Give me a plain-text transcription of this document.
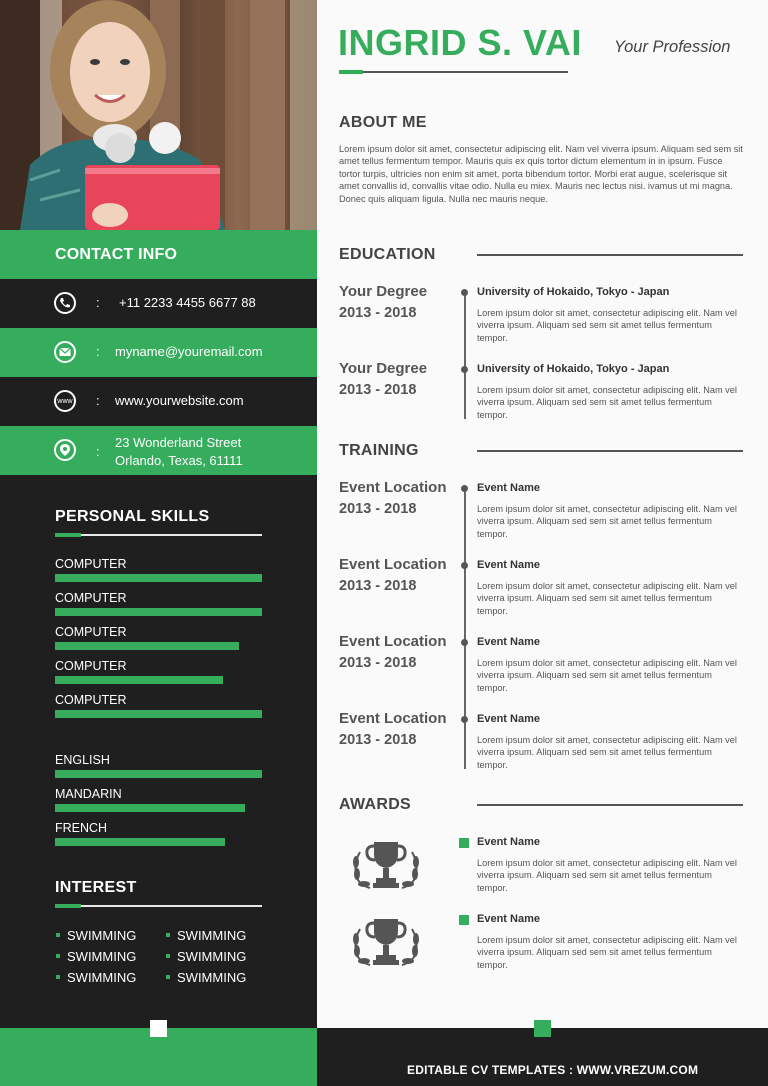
CONTACT INFO
: +11 2233 4455 6677 88
: myname@youremail.com
www : www.yourwebsite.com
:
23 Wonderland Street
Orlando, Texas, 61111
PERSONAL SKILLS
COMPUTER
COMPUTER
COMPUTER
COMPUTER
COMPUTER
ENGLISH
MANDARIN
FRENCH
INTEREST
SWIMMING	SWIMMING
SWIMMING	SWIMMING
SWIMMING	SWIMMING
INGRID S. VAI Your Profession
ABOUT ME
Lorem ipsum dolor sit amet, consectetur adipiscing elit. Nam vel viverra ipsum. Aliquam sed sem sit amet tellus fermentum tempor. Mauris quis ex quis tortor dictum elementum in in ipsum. Fusce tortor turpis, ultricies non enim sit amet, porta bibendum tortor. Morbi erat augue, scelerisque sit amet convallis id, convallis vitae odio. Nulla eu miex. Mauris nec lectus nisi. ivamus ut mi magna. Donec quis aliquam ligula. Nulla nec mauris neque.
EDUCATION
Your Degree
2013 - 2018
University of Hokaido, Tokyo - Japan
Lorem ipsum dolor sit amet, consectetur adipiscing elit. Nam vel viverra ipsum. Aliquam sed sem sit amet tellus fermentum tempor.
Your Degree
2013 - 2018
University of Hokaido, Tokyo - Japan
Lorem ipsum dolor sit amet, consectetur adipiscing elit. Nam vel viverra ipsum. Aliquam sed sem sit amet tellus fermentum tempor.
TRAINING
Event Location
2013 - 2018
Event Name
Lorem ipsum dolor sit amet, consectetur adipiscing elit. Nam vel viverra ipsum. Aliquam sed sem sit amet tellus fermentum tempor.
Event Location
2013 - 2018
Event Name
Lorem ipsum dolor sit amet, consectetur adipiscing elit. Nam vel viverra ipsum. Aliquam sed sem sit amet tellus fermentum tempor.
Event Location
2013 - 2018
Event Name
Lorem ipsum dolor sit amet, consectetur adipiscing elit. Nam vel viverra ipsum. Aliquam sed sem sit amet tellus fermentum tempor.
Event Location
2013 - 2018
Event Name
Lorem ipsum dolor sit amet, consectetur adipiscing elit. Nam vel viverra ipsum. Aliquam sed sem sit amet tellus fermentum tempor.
AWARDS
Event Name
Lorem ipsum dolor sit amet, consectetur adipiscing elit. Nam vel viverra ipsum. Aliquam sed sem sit amet tellus fermentum tempor.
Event Name
Lorem ipsum dolor sit amet, consectetur adipiscing elit. Nam vel viverra ipsum. Aliquam sed sem sit amet tellus fermentum tempor.
EDITABLE CV TEMPLATES : WWW.VREZUM.COM
